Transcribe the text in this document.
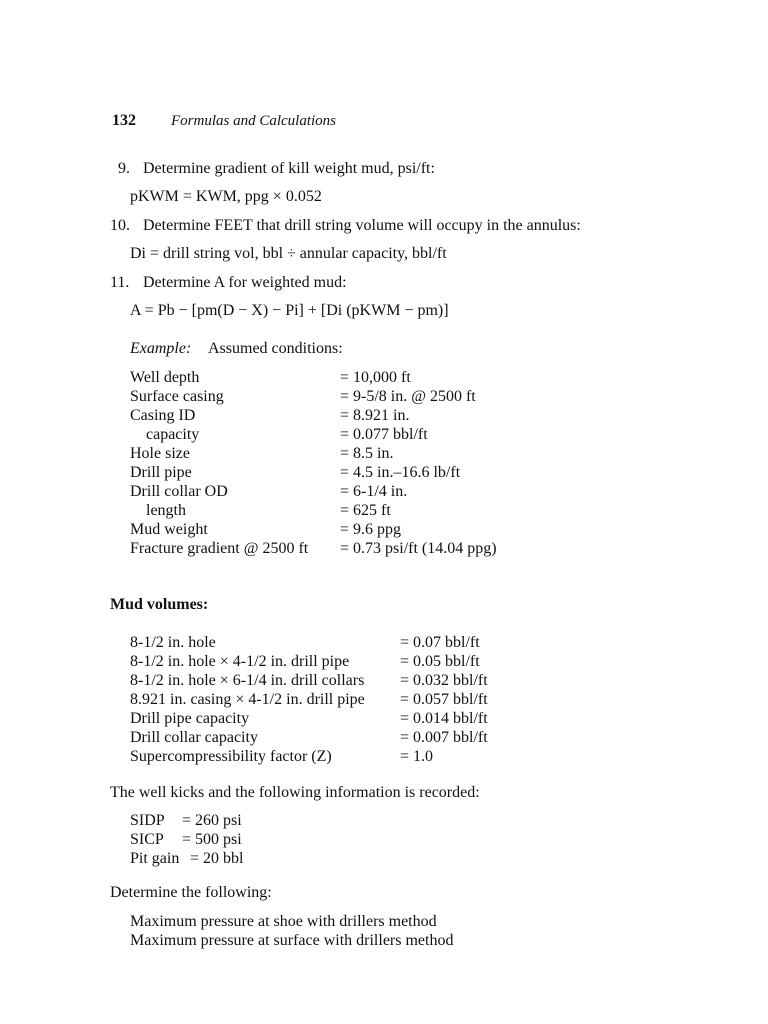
132 Formulas and Calculations
9. Determine gradient of kill weight mud, psi/ft:
pKWM = KWM, ppg × 0.052
10. Determine FEET that drill string volume will occupy in the annulus:
Di = drill string vol, bbl ÷ annular capacity, bbl/ft
11. Determine A for weighted mud:
A = Pb − [pm(D − X) − Pi] + [Di (pKWM − pm)]
Example: Assumed conditions:
Well depth	= 10,000 ft
Surface casing	= 9-5/8 in. @ 2500 ft
Casing ID	= 8.921 in.
capacity	= 0.077 bbl/ft
Hole size	= 8.5 in.
Drill pipe	= 4.5 in.–16.6 lb/ft
Drill collar OD	= 6-1/4 in.
length	= 625 ft
Mud weight	= 9.6 ppg
Fracture gradient @ 2500 ft = 0.73 psi/ft (14.04 ppg)
Mud volumes:
8-1/2 in. hole	= 0.07 bbl/ft
8-1/2 in. hole × 4-1/2 in. drill pipe	= 0.05 bbl/ft
8-1/2 in. hole × 6-1/4 in. drill collars = 0.032 bbl/ft
8.921 in. casing × 4-1/2 in. drill pipe = 0.057 bbl/ft
Drill pipe capacity	= 0.014 bbl/ft
Drill collar capacity	= 0.007 bbl/ft
Supercompressibility factor (Z)	= 1.0
The well kicks and the following information is recorded:
SIDP = 260 psi
SICP = 500 psi
Pit gain = 20 bbl
Determine the following:
Maximum pressure at shoe with drillers method
Maximum pressure at surface with drillers method
